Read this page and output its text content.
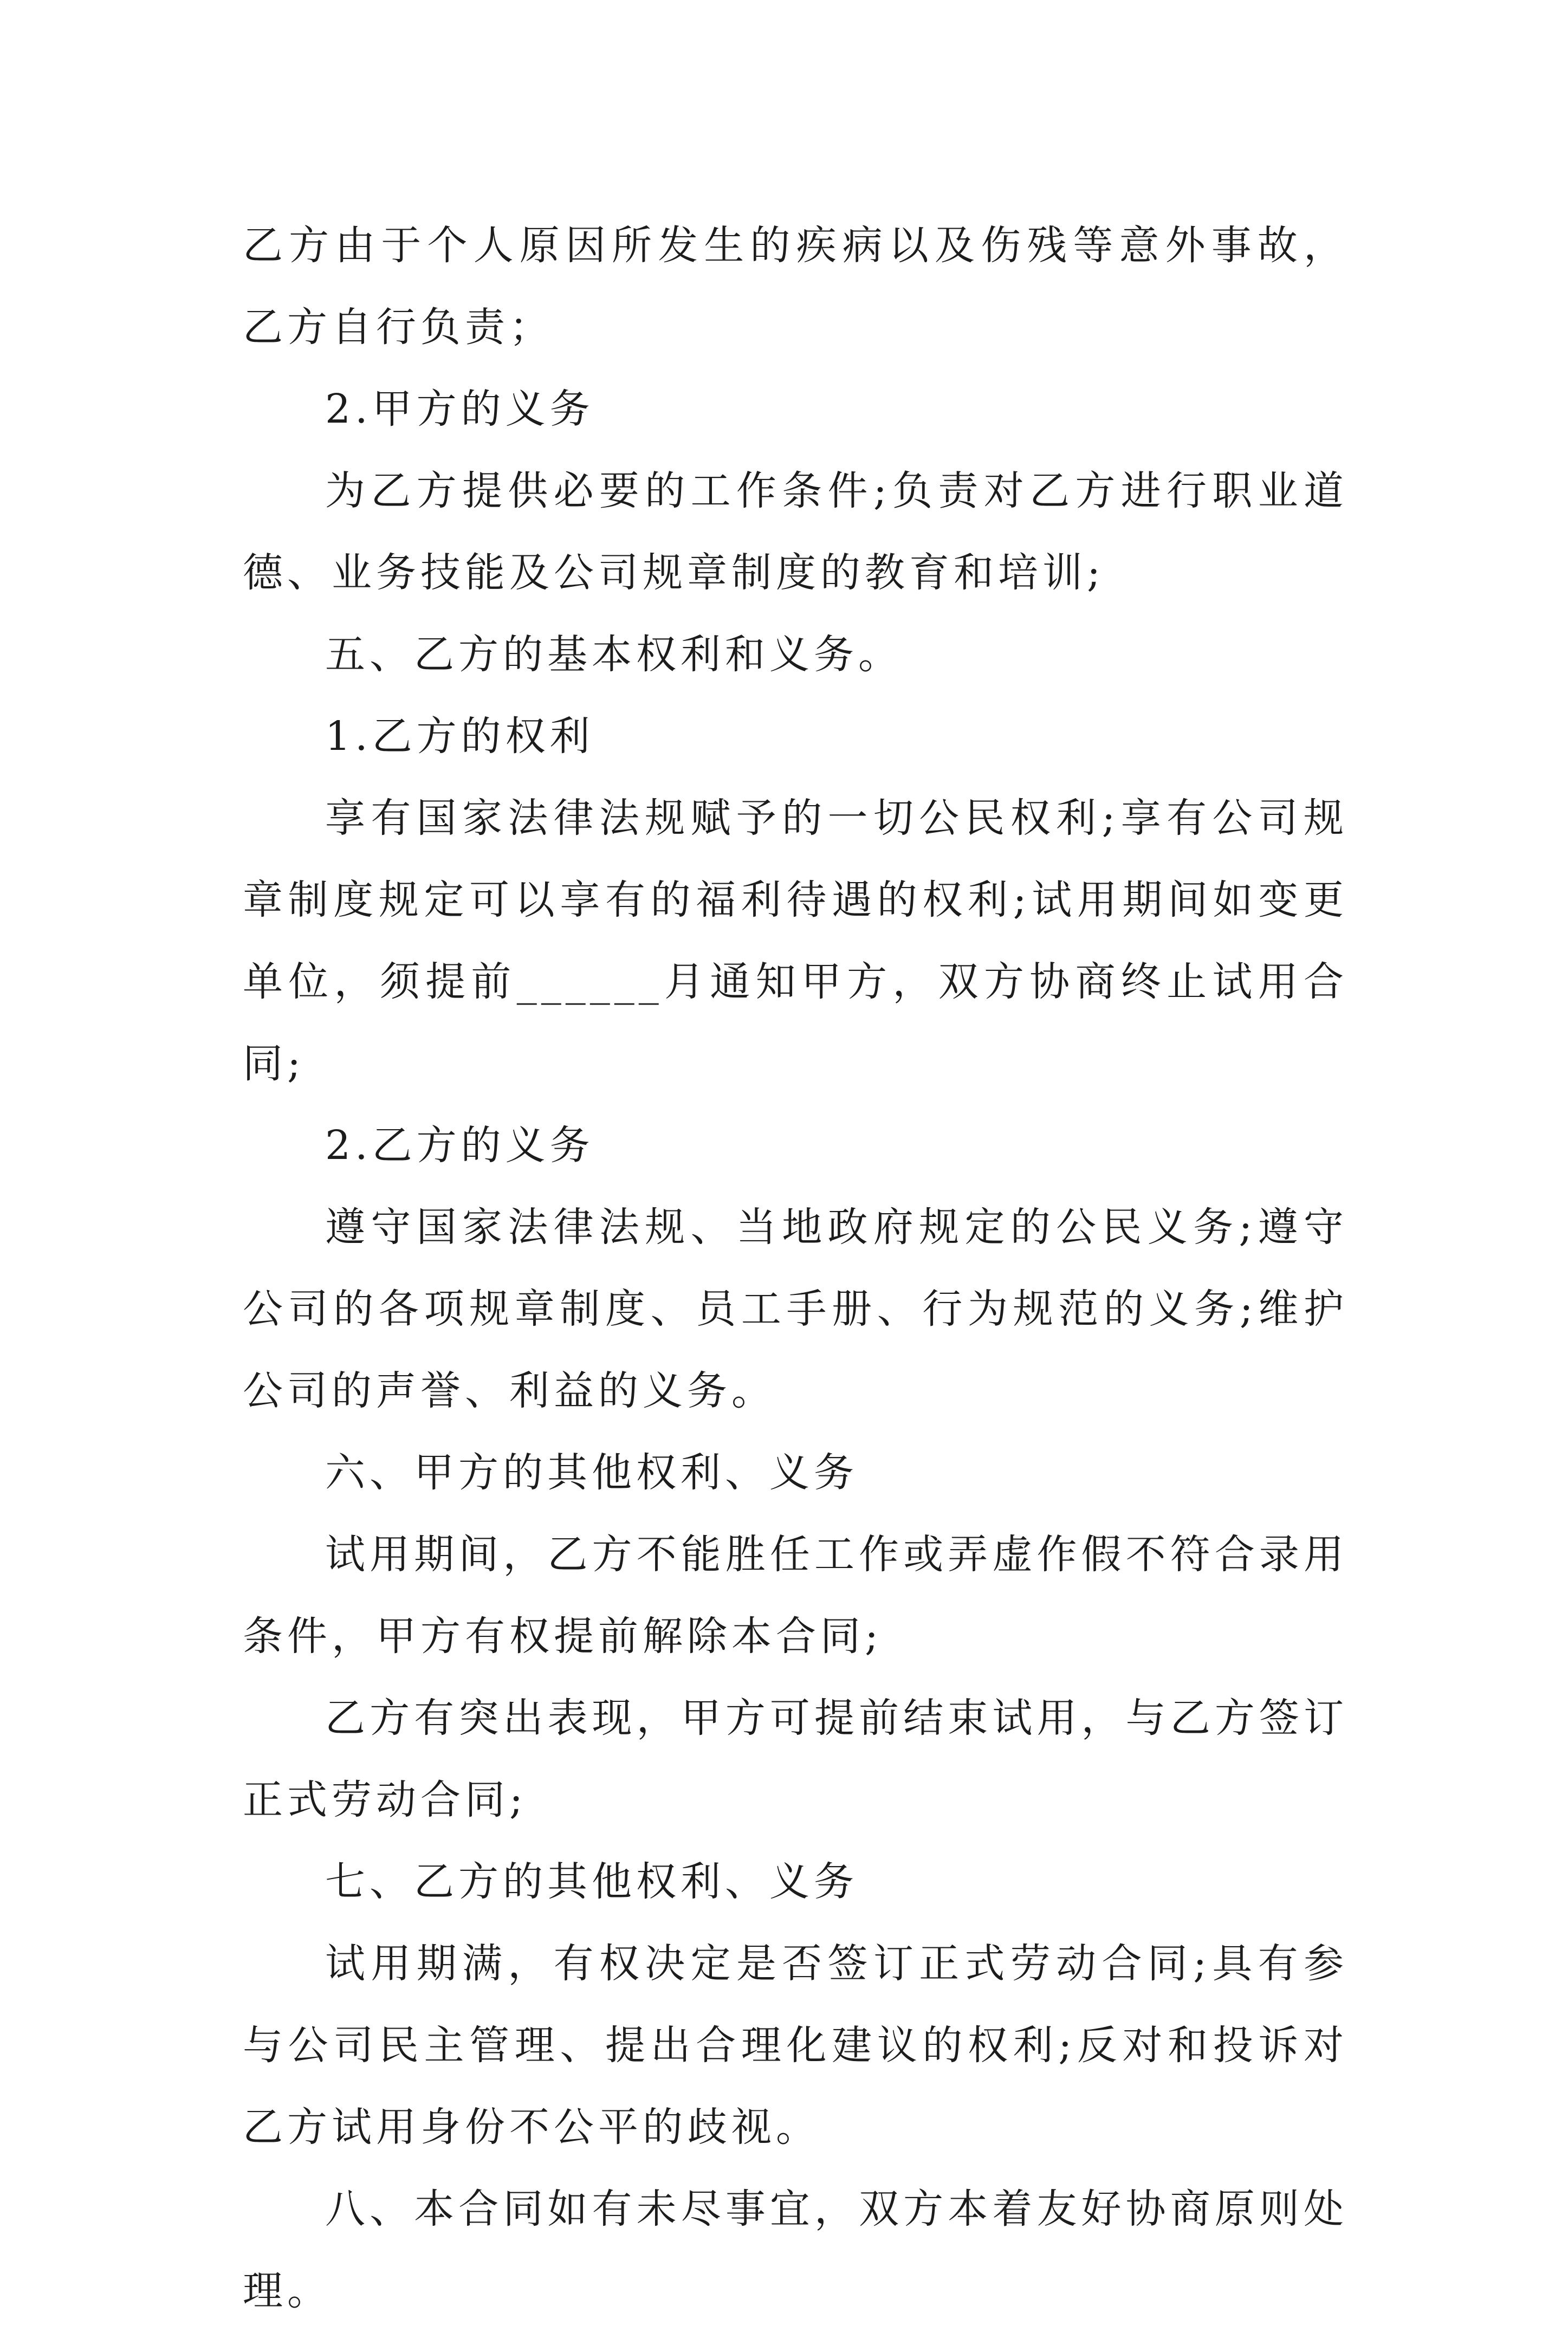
乙方由于个人原因所发生的疾病以及伤残等意外事故，乙方自行负责；

2.甲方的义务

为乙方提供必要的工作条件;负责对乙方进行职业道德、业务技能及公司规章制度的教育和培训;

五、乙方的基本权利和义务。

1.乙方的权利

享有国家法律法规赋予的一切公民权利;享有公司规章制度规定可以享有的福利待遇的权利;试用期间如变更单位，须提前______月通知甲方，双方协商终止试用合同;

2.乙方的义务

遵守国家法律法规、当地政府规定的公民义务;遵守公司的各项规章制度、员工手册、行为规范的义务;维护公司的声誉、利益的义务。

六、甲方的其他权利、义务

试用期间，乙方不能胜任工作或弄虚作假不符合录用条件，甲方有权提前解除本合同;

乙方有突出表现，甲方可提前结束试用，与乙方签订正式劳动合同;

七、乙方的其他权利、义务

试用期满，有权决定是否签订正式劳动合同;具有参与公司民主管理、提出合理化建议的权利;反对和投诉对乙方试用身份不公平的歧视。

八、本合同如有未尽事宜，双方本着友好协商原则处理。
